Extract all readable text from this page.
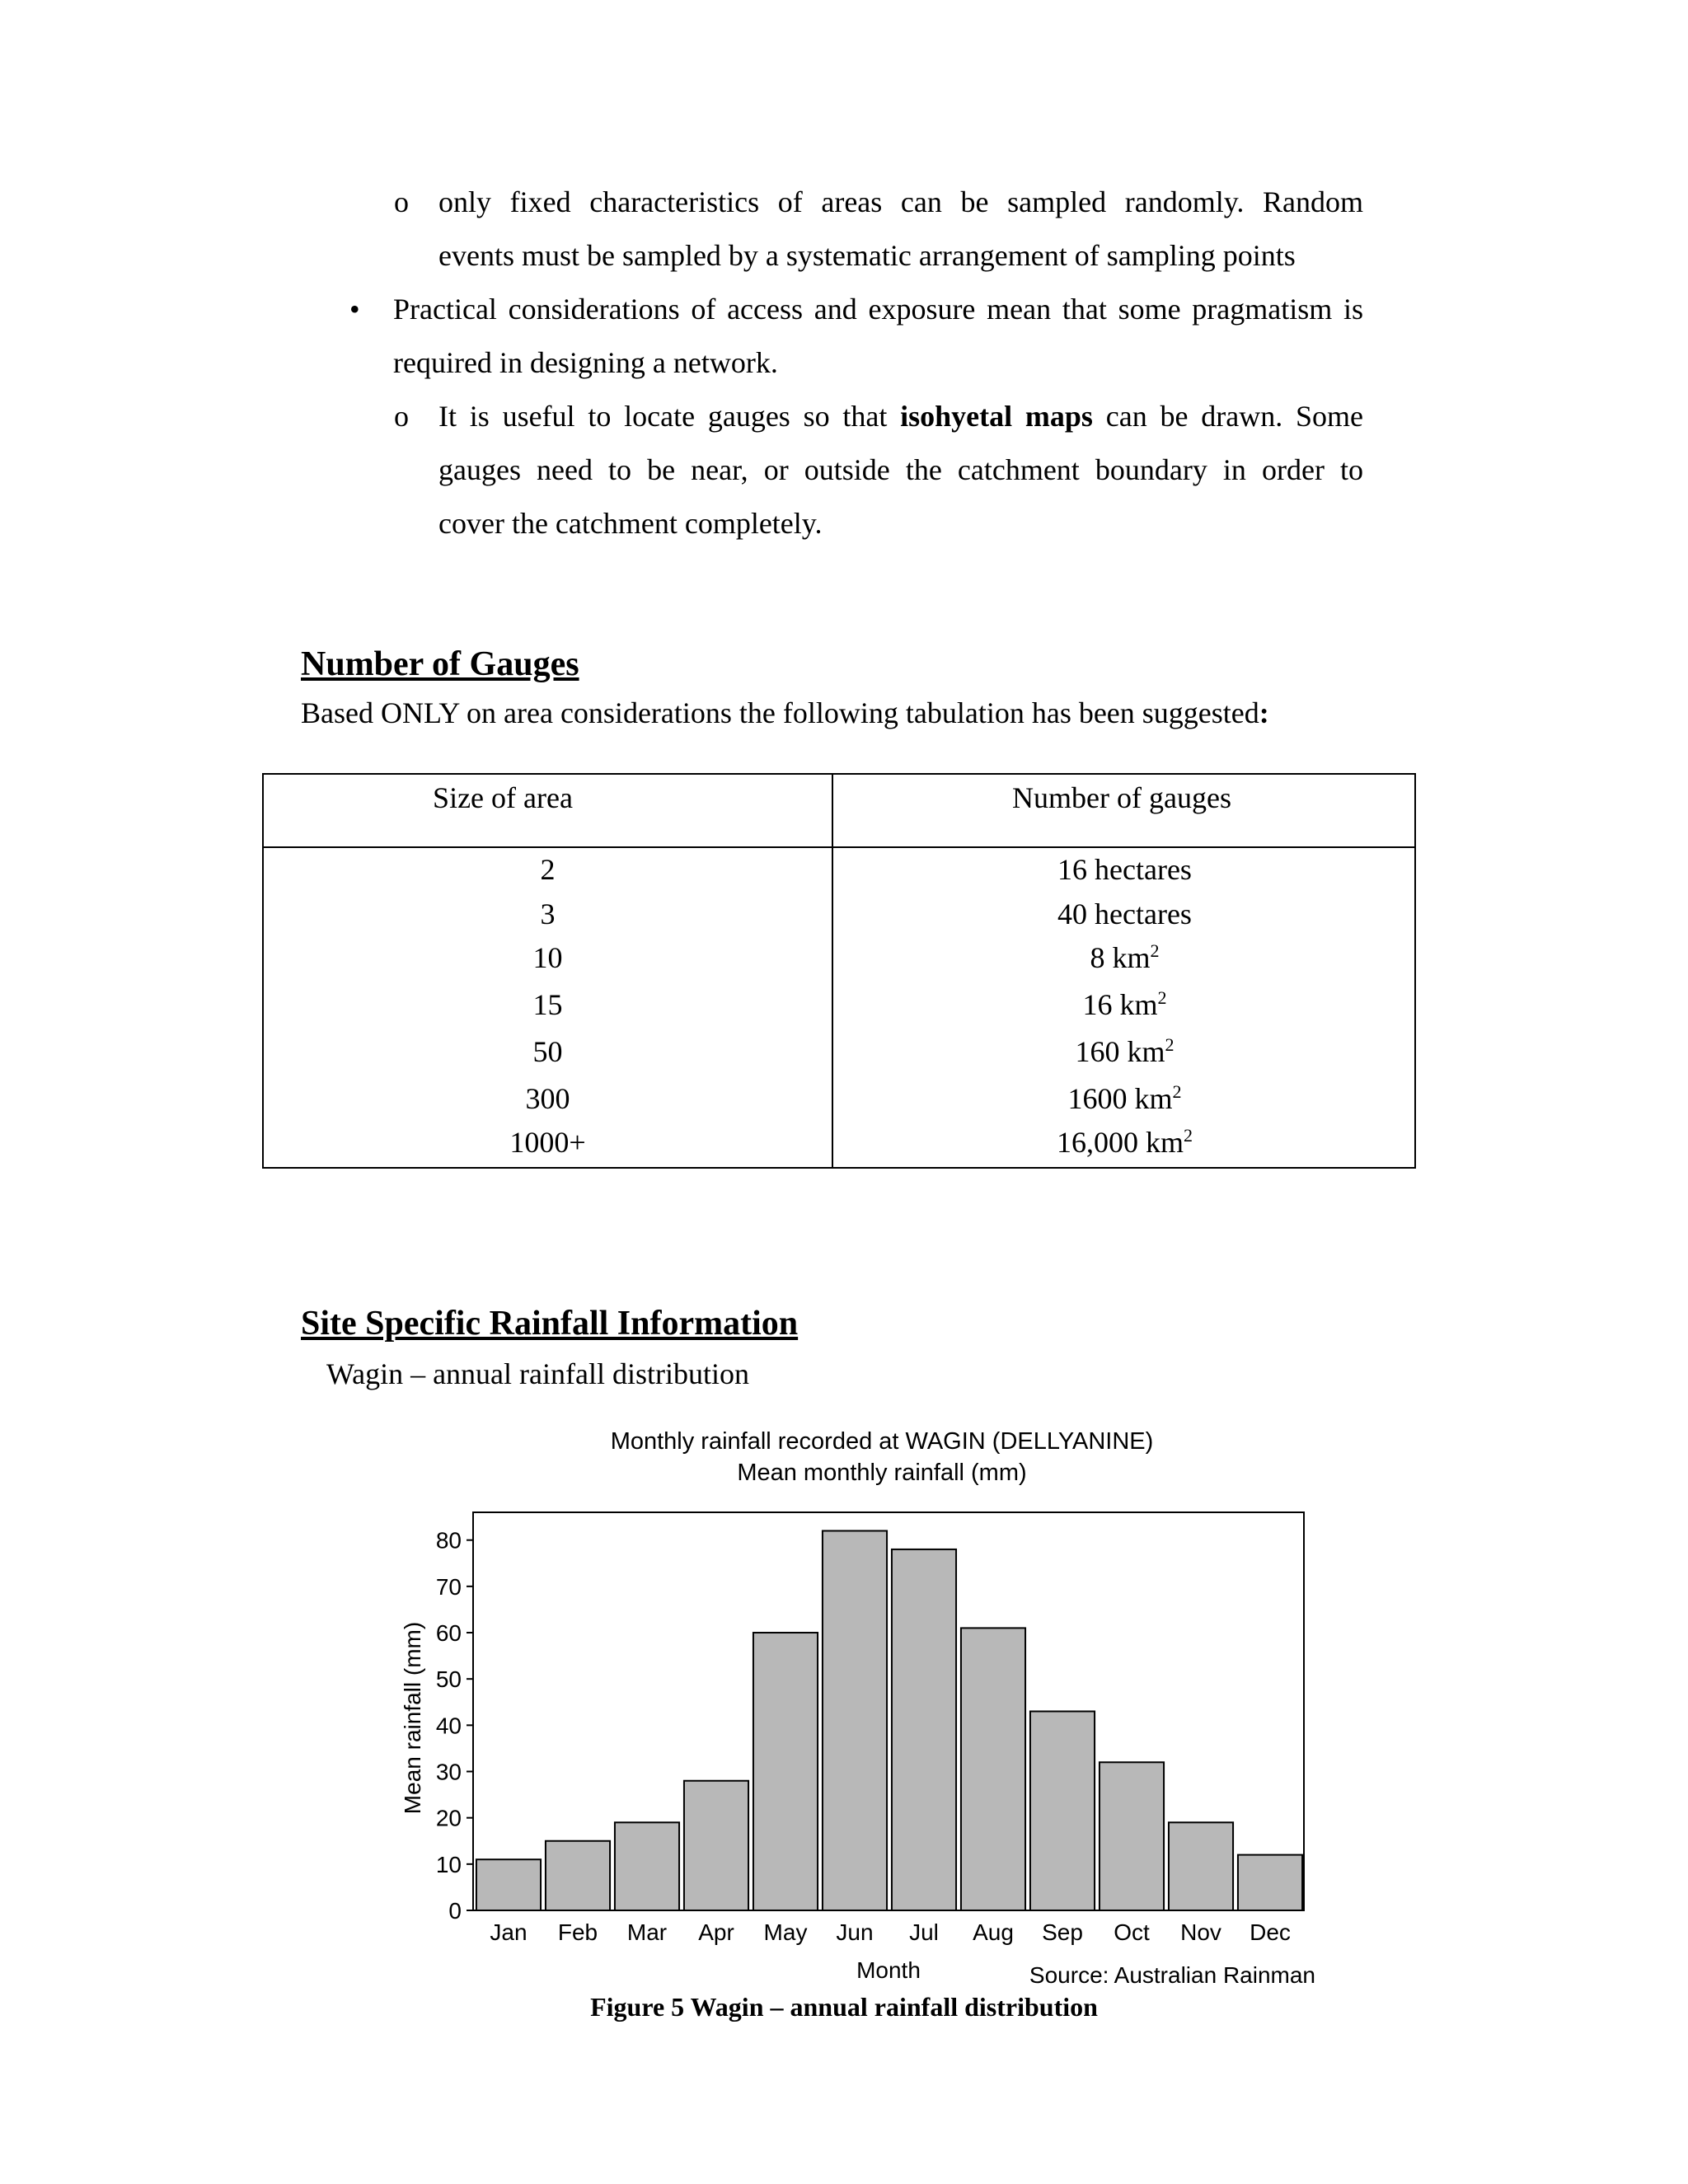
o only fixed characteristics of areas can be sampled randomly. Random
events must be sampled by a systematic arrangement of sampling points
• Practical considerations of access and exposure mean that some pragmatism is
required in designing a network.
o It is useful to locate gauges so that isohyetal maps can be drawn. Some
gauges need to be near, or outside the catchment boundary in order to
cover the catchment completely.
Number of Gauges
Based ONLY on area considerations the following tabulation has been suggested:
Size of area	Number of gauges
2	16 hectares
3	40 hectares
10	8 $km^2$
15	16 $km^2$
50	160 $km^2$
300	1600 $km^2$
1000+	16,000 $km^2$
Site Specific Rainfall Information
Wagin – annual rainfall distribution
Monthly rainfall recorded at WAGIN (DELLYANINE)
Mean monthly rainfall (mm)
0
10
20
30
40
50
60
70
80
Mean rainfall (mm)
Jan Feb Mar Apr May Jun Jul Aug Sep Oct Nov Dec
Month	Source: Australian Rainman
Figure 5 Wagin – annual rainfall distribution
